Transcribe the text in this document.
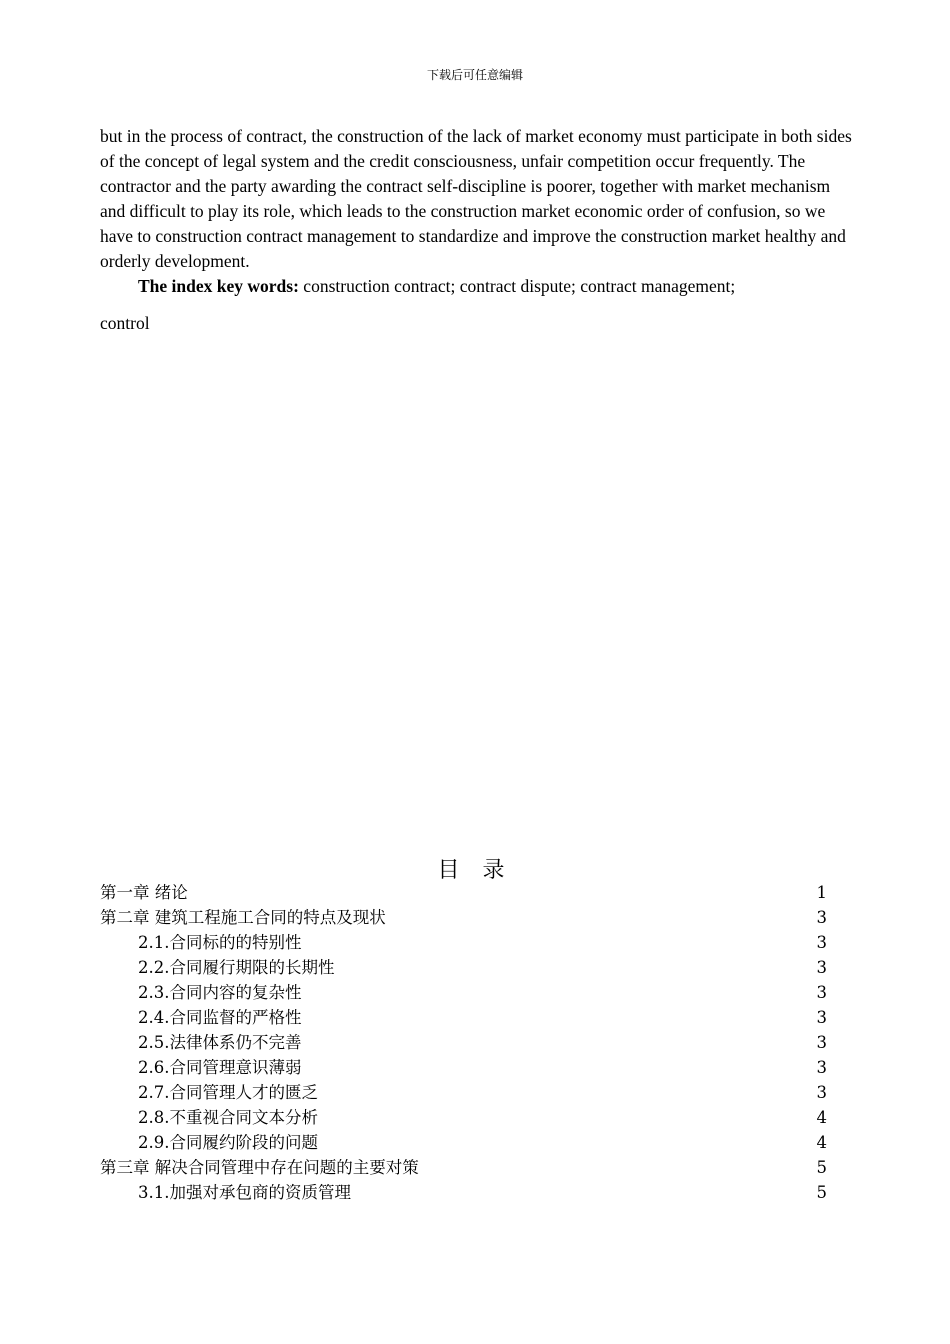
下载后可任意编辑

but in the process of contract, the construction of the lack of market economy must participate in both sides of the concept of legal system and the credit consciousness, unfair competition occur frequently. The contractor and the party awarding the contract self-discipline is poorer, together with market mechanism and difficult to play its role, which leads to the construction market economic order of confusion, so we have to construction contract management to standardize and improve the construction market healthy and orderly development.

The index key words: construction contract; contract dispute; contract management;

control
目 录
第一章 绪论	1
第二章 建筑工程施工合同的特点及现状	3
2.1.合同标的的特别性	3
2.2.合同履行期限的长期性	3
2.3.合同内容的复杂性	3
2.4.合同监督的严格性	3
2.5.法律体系仍不完善	3
2.6.合同管理意识薄弱	3
2.7.合同管理人才的匮乏	3
2.8.不重视合同文本分析	4
2.9.合同履约阶段的问题	4
第三章 解决合同管理中存在问题的主要对策	5
3.1.加强对承包商的资质管理	5
